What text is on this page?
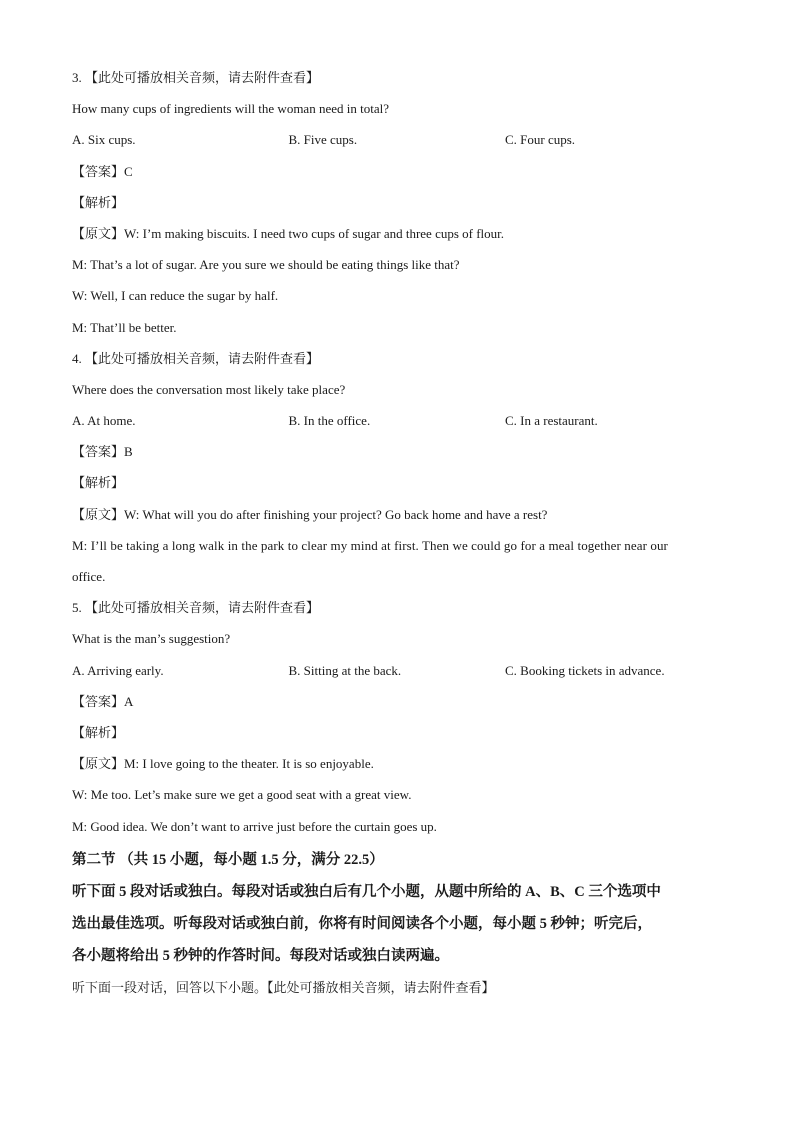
3. 【此处可播放相关音频，请去附件查看】
How many cups of ingredients will the woman need in total?
A. Six cups.	B. Five cups.	C. Four cups.
【答案】C
【解析】
【原文】W: I’m making biscuits. I need two cups of sugar and three cups of flour.
M: That’s a lot of sugar. Are you sure we should be eating things like that?
W: Well, I can reduce the sugar by half.
M: That’ll be better.
4. 【此处可播放相关音频，请去附件查看】
Where does the conversation most likely take place?
A. At home.	B. In the office.	C. In a restaurant.
【答案】B
【解析】
【原文】W: What will you do after finishing your project? Go back home and have a rest?
M: I’ll be taking a long walk in the park to clear my mind at first. Then we could go for a meal together near our
office.
5. 【此处可播放相关音频，请去附件查看】
What is the man’s suggestion?
A. Arriving early.	B. Sitting at the back.	C. Booking tickets in advance.
【答案】A
【解析】
【原文】M: I love going to the theater. It is so enjoyable.
W: Me too. Let’s make sure we get a good seat with a great view.
M: Good idea. We don’t want to arrive just before the curtain goes up.
第二节 （共 15 小题，每小题 1.5 分，满分 22.5）
听下面 5 段对话或独白。每段对话或独白后有几个小题，从题中所给的 A、B、C 三个选项中
选出最佳选项。听每段对话或独白前，你将有时间阅读各个小题，每小题 5 秒钟；听完后，
各小题将给出 5 秒钟的作答时间。每段对话或独白读两遍。
听下面一段对话，回答以下小题。【此处可播放相关音频，请去附件查看】
